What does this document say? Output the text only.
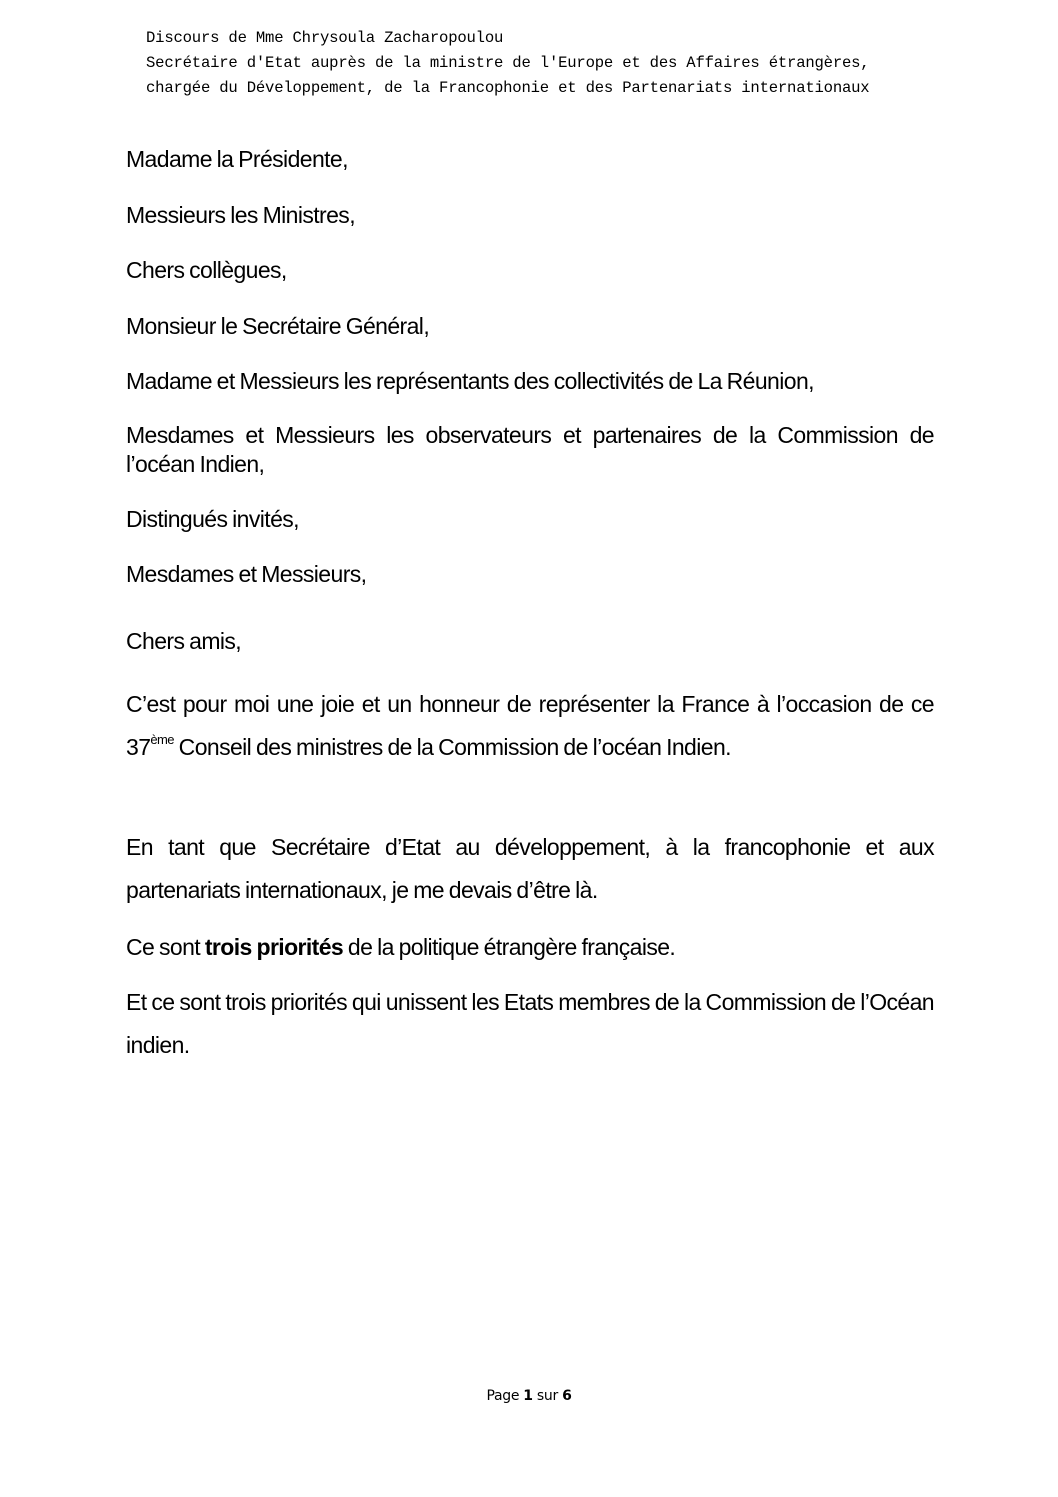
Discours de Mme Chrysoula Zacharopoulou
Secrétaire d'Etat auprès de la ministre de l'Europe et des Affaires étrangères,
chargée du Développement, de la Francophonie et des Partenariats internationaux

Madame la Présidente,

Messieurs les Ministres,

Chers collègues,

Monsieur le Secrétaire Général,

Madame et Messieurs les représentants des collectivités de La Réunion,

Mesdames et Messieurs les observateurs et partenaires de la Commission de l’océan Indien,

Distingués invités,

Mesdames et Messieurs,

Chers amis,

C’est pour moi une joie et un honneur de représenter la France à l’occasion de ce 37ème Conseil des ministres de la Commission de l’océan Indien.

En tant que Secrétaire d’Etat au développement, à la francophonie et aux partenariats internationaux, je me devais d’être là.

Ce sont trois priorités de la politique étrangère française.

Et ce sont trois priorités qui unissent les Etats membres de la Commission de l’Océan indien.

Page 1 sur 6
